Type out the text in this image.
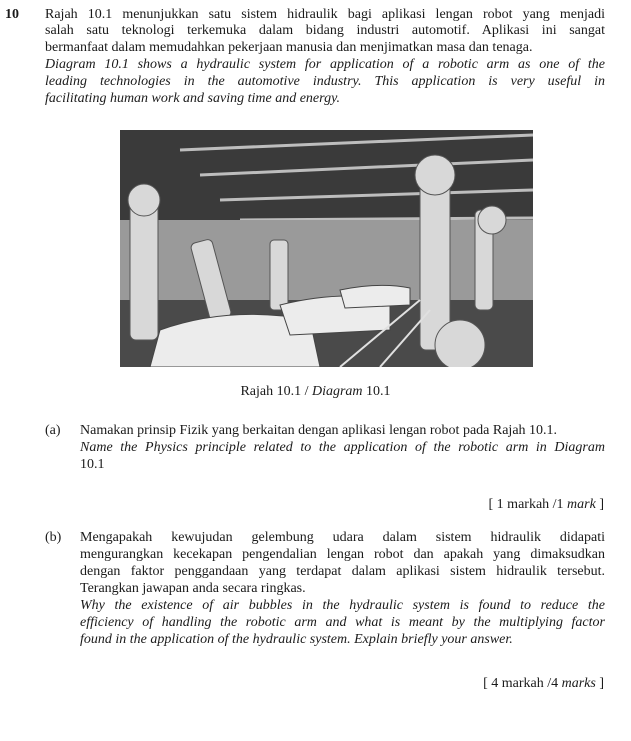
10 Rajah 10.1 menunjukkan satu sistem hidraulik bagi aplikasi lengan robot yang menjadi
salah satu teknologi terkemuka dalam bidang industri automotif. Aplikasi ini sangat
bermanfaat dalam memudahkan pekerjaan manusia dan menjimatkan masa dan tenaga.
Diagram 10.1 shows a hydraulic system for application of a robotic arm as one of the
leading technologies in the automotive industry. This application is very useful in
facilitating human work and saving time and energy.
Rajah 10.1 / Diagram 10.1
(a) Namakan prinsip Fizik yang berkaitan dengan aplikasi lengan robot pada Rajah 10.1.
Name the Physics principle related to the application of the robotic arm in Diagram
10.1
[ 1 markah /1 mark ]
(b) Mengapakah kewujudan gelembung udara dalam sistem hidraulik didapati
mengurangkan kecekapan pengendalian lengan robot dan apakah yang dimaksudkan
dengan faktor penggandaan yang terdapat dalam aplikasi sistem hidraulik tersebut.
Terangkan jawapan anda secara ringkas.
Why the existence of air bubbles in the hydraulic system is found to reduce the
efficiency of handling the robotic arm and what is meant by the multiplying factor
found in the application of the hydraulic system. Explain briefly your answer.
[ 4 markah /4 marks ]
